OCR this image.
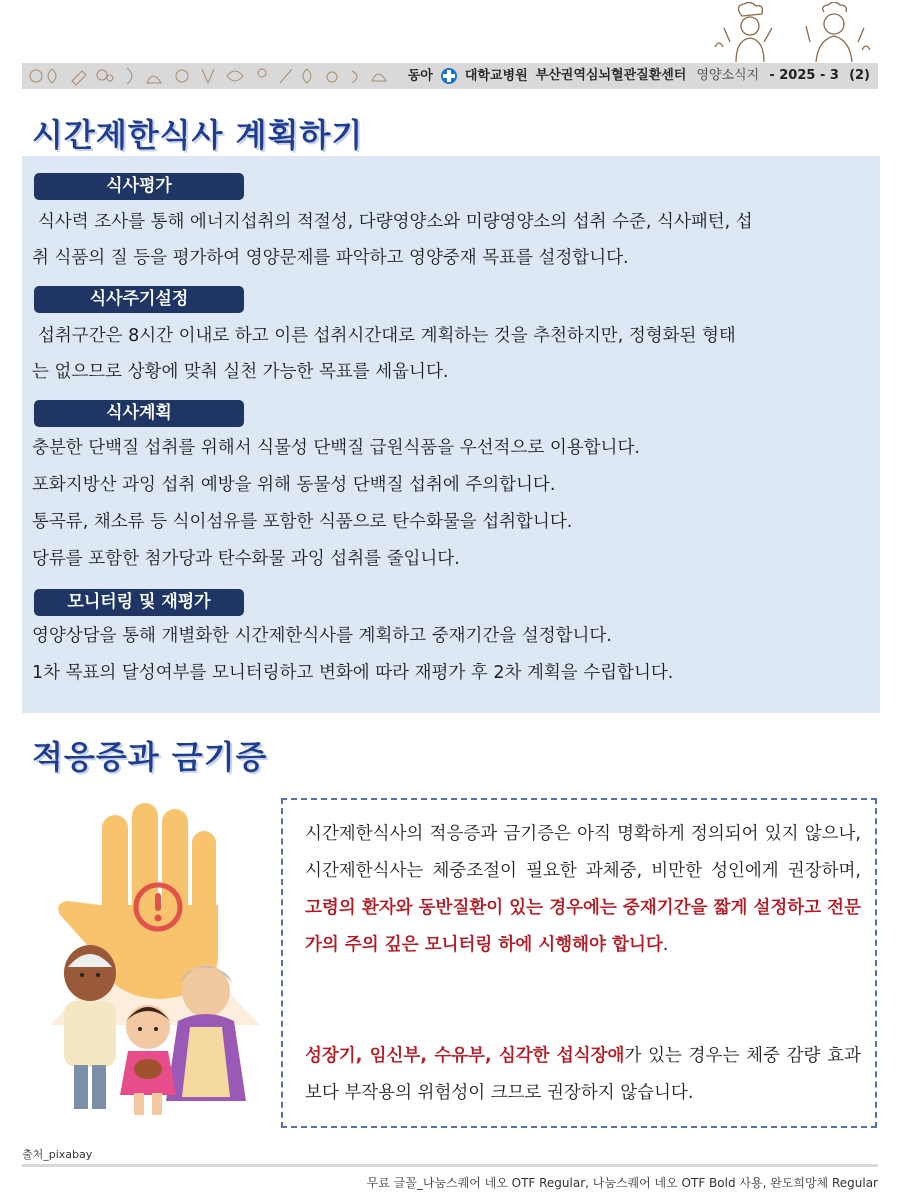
동아 대학교병원 부산권역심뇌혈관질환센터 영양소식지 - 2025 - 3 (2)
시간제한식사 계획하기
식사평가

식사력 조사를 통해 에너지섭취의 적절성, 다량영양소와 미량영양소의 섭취 수준, 식사패턴, 섭

취 식품의 질 등을 평가하여 영양문제를 파악하고 영양중재 목표를 설정합니다.

식사주기설정

섭취구간은 8시간 이내로 하고 이른 섭취시간대로 계획하는 것을 추천하지만, 정형화된 형태

는 없으므로 상황에 맞춰 실천 가능한 목표를 세웁니다.

식사계획

충분한 단백질 섭취를 위해서 식물성 단백질 급원식품을 우선적으로 이용합니다.

포화지방산 과잉 섭취 예방을 위해 동물성 단백질 섭취에 주의합니다.

통곡류, 채소류 등 식이섬유를 포함한 식품으로 탄수화물을 섭취합니다.

당류를 포함한 첨가당과 탄수화물 과잉 섭취를 줄입니다.

모니터링 및 재평가

영양상담을 통해 개별화한 시간제한식사를 계획하고 중재기간을 설정합니다.

1차 목표의 달성여부를 모니터링하고 변화에 따라 재평가 후 2차 계획을 수립합니다.

적응증과 금기증

시간제한식사의 적응증과 금기증은 아직 명확하게 정의되어 있지 않으나, 시간제한식사는 체중조절이 필요한 과체중, 비만한 성인에게 권장하며, 고령의 환자와 동반질환이 있는 경우에는 중재기간을 짧게 설정하고 전문가의 주의 깊은 모니터링 하에 시행해야 합니다.

성장기, 임신부, 수유부, 심각한 섭식장애가 있는 경우는 체중 감량 효과보다 부작용의 위험성이 크므로 권장하지 않습니다.

출처_pixabay
무료 글꼴_나눔스퀘어 네오 OTF Regular, 나눔스퀘어 네오 OTF Bold 사용, 완도희망체 Regular
